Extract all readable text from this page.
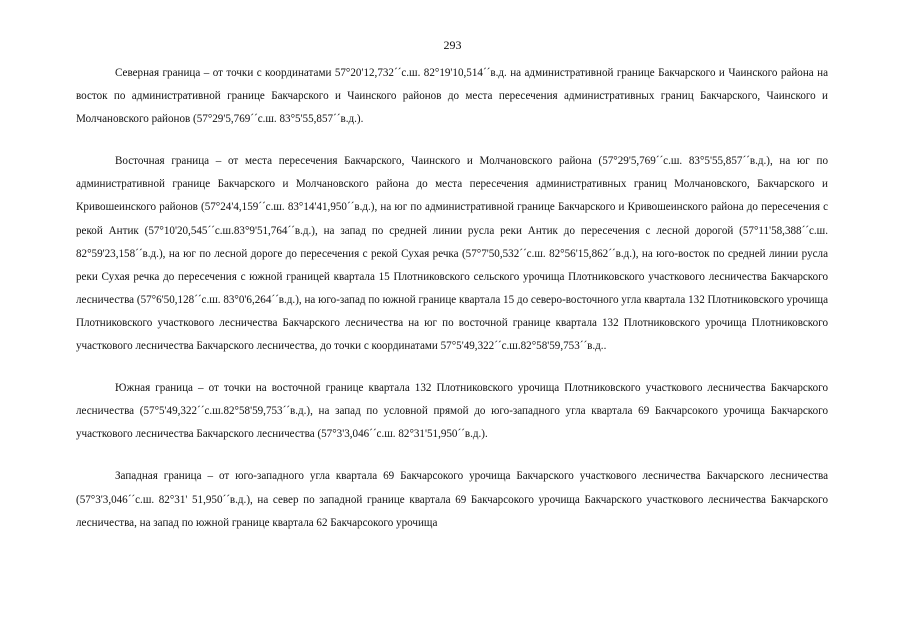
293

Северная граница – от точки с координатами 57°20'12,732´´с.ш. 82°19'10,514´´в.д. на административной границе Бакчарского и Чаинского района на восток по административной границе Бакчарского и Чаинского районов до места пересечения административных границ Бакчарского, Чаинского и Молчановского районов (57°29'5,769´´с.ш. 83°5'55,857´´в.д.).

Восточная граница – от места пересечения Бакчарского, Чаинского и Молчановского района (57°29'5,769´´с.ш. 83°5'55,857´´в.д.), на юг по административной границе Бакчарского и Молчановского района до места пересечения административных границ Молчановского, Бакчарского и Кривошеинского районов (57°24'4,159´´с.ш. 83°14'41,950´´в.д.), на юг по административной границе Бакчарского и Кривошеинского района до пересечения с рекой Антик (57°10'20,545´´с.ш.83°9'51,764´´в.д.), на запад по средней линии русла реки Антик до пересечения с лесной дорогой (57°11'58,388´´с.ш. 82°59'23,158´´в.д.), на юг по лесной дороге до пересечения с рекой Сухая речка (57°7'50,532´´с.ш. 82°56'15,862´´в.д.), на юго-восток по средней линии русла реки Сухая речка до пересечения с южной границей квартала 15 Плотниковского сельского урочища Плотниковского участкового лесничества Бакчарского лесничества (57°6'50,128´´с.ш. 83°0'6,264´´в.д.), на юго-запад по южной границе квартала 15 до северо-восточного угла квартала 132 Плотниковского урочища Плотниковского участкового лесничества Бакчарского лесничества на юг по восточной границе квартала 132 Плотниковского урочища Плотниковского участкового лесничества Бакчарского лесничества, до точки с координатами 57°5'49,322´´с.ш.82°58'59,753´´в.д..

Южная граница – от точки на восточной границе квартала 132 Плотниковского урочища Плотниковского участкового лесничества Бакчарского лесничества (57°5'49,322´´с.ш.82°58'59,753´´в.д.), на запад по условной прямой до юго-западного угла квартала 69 Бакчарсокого урочища Бакчарского участкового лесничества Бакчарского лесничества (57°3'3,046´´с.ш. 82°31'51,950´´в.д.).

Западная граница – от юго-западного угла квартала 69 Бакчарсокого урочища Бакчарского участкового лесничества Бакчарского лесничества (57°3'3,046´´с.ш. 82°31' 51,950´´в.д.), на север по западной границе квартала 69 Бакчарсокого урочища Бакчарского участкового лесничества Бакчарского лесничества, на запад по южной границе квартала 62 Бакчарсокого урочища
